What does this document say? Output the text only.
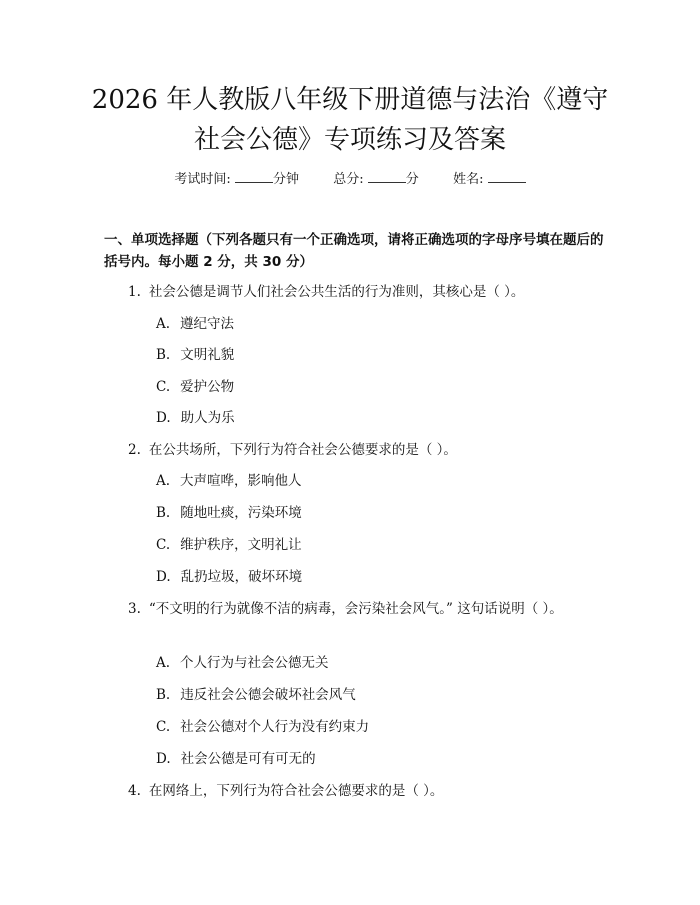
2026 年人教版八年级下册道德与法治《遵守
社会公德》专项练习及答案
考试时间:	分钟	总分:	分	姓名:
一、单项选择题（下列各题只有一个正确选项，请将正确选项的字母序号填在题后的括号内。每小题 2 分，共 30 分）
1. 社会公德是调节人们社会公共生活的行为准则，其核心是（ ）。
A. 遵纪守法
B. 文明礼貌
C. 爱护公物
D. 助人为乐
2. 在公共场所，下列行为符合社会公德要求的是（ ）。
A. 大声喧哗，影响他人
B. 随地吐痰，污染环境
C. 维护秩序，文明礼让
D. 乱扔垃圾，破坏环境
3. “不文明的行为就像不洁的病毒，会污染社会风气。” 这句话说明（ ）。
A. 个人行为与社会公德无关
B. 违反社会公德会破坏社会风气
C. 社会公德对个人行为没有约束力
D. 社会公德是可有可无的
4. 在网络上，下列行为符合社会公德要求的是（ ）。
